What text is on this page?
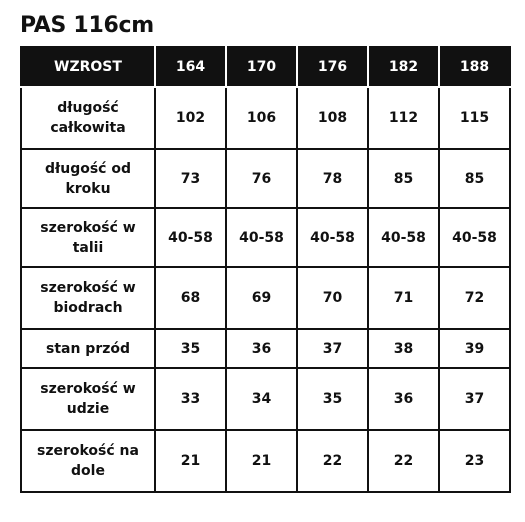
PAS 116cm
WZROST	164	170	176	182	188
długość całkowita	102	106	108	112	115
długość od kroku	73	76	78	85	85
szerokość w talii	40-58	40-58	40-58	40-58	40-58
szerokość w biodrach	68	69	70	71	72
stan przód	35	36	37	38	39
szerokość w udzie	33	34	35	36	37
szerokość na dole	21	21	22	22	23
